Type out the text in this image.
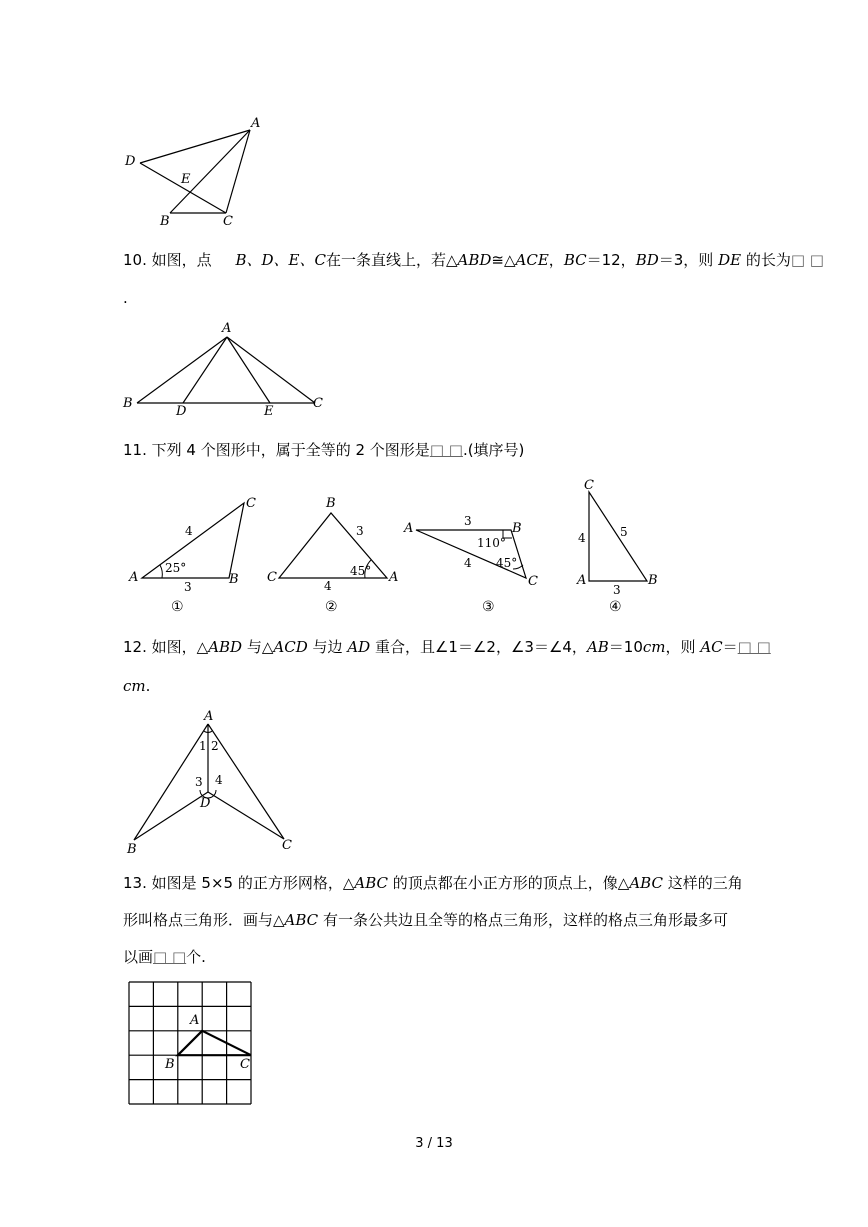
A
D
E
B	C
10. 如图，点 B、D、E、C在一条直线上，若△ABD≅△ACE，BC＝12，BD＝3，则 DE 的长为□ □
.
A
B
D	E
C
11. 下列 4 个图形中，属于全等的 2 个图形是□ □.(填序号)
A	B
C
4
3
25°
①
B
C	A
3
4
45°
②
A	B
C
3
4
110°
45°
③
C
A	B
4	5
3
④
12. 如图，△ABD 与△ACD 与边 AD 重合，且∠1＝∠2，∠3＝∠4，AB＝10cm，则 AC＝□ □
cm.
A
1 2
3 4
D
B	C
13. 如图是 5×5 的正方形网格，△ABC 的顶点都在小正方形的顶点上，像△ABC 这样的三角
形叫格点三角形．画与△ABC 有一条公共边且全等的格点三角形，这样的格点三角形最多可
以画□ □个.
A
B	C
3 / 13
